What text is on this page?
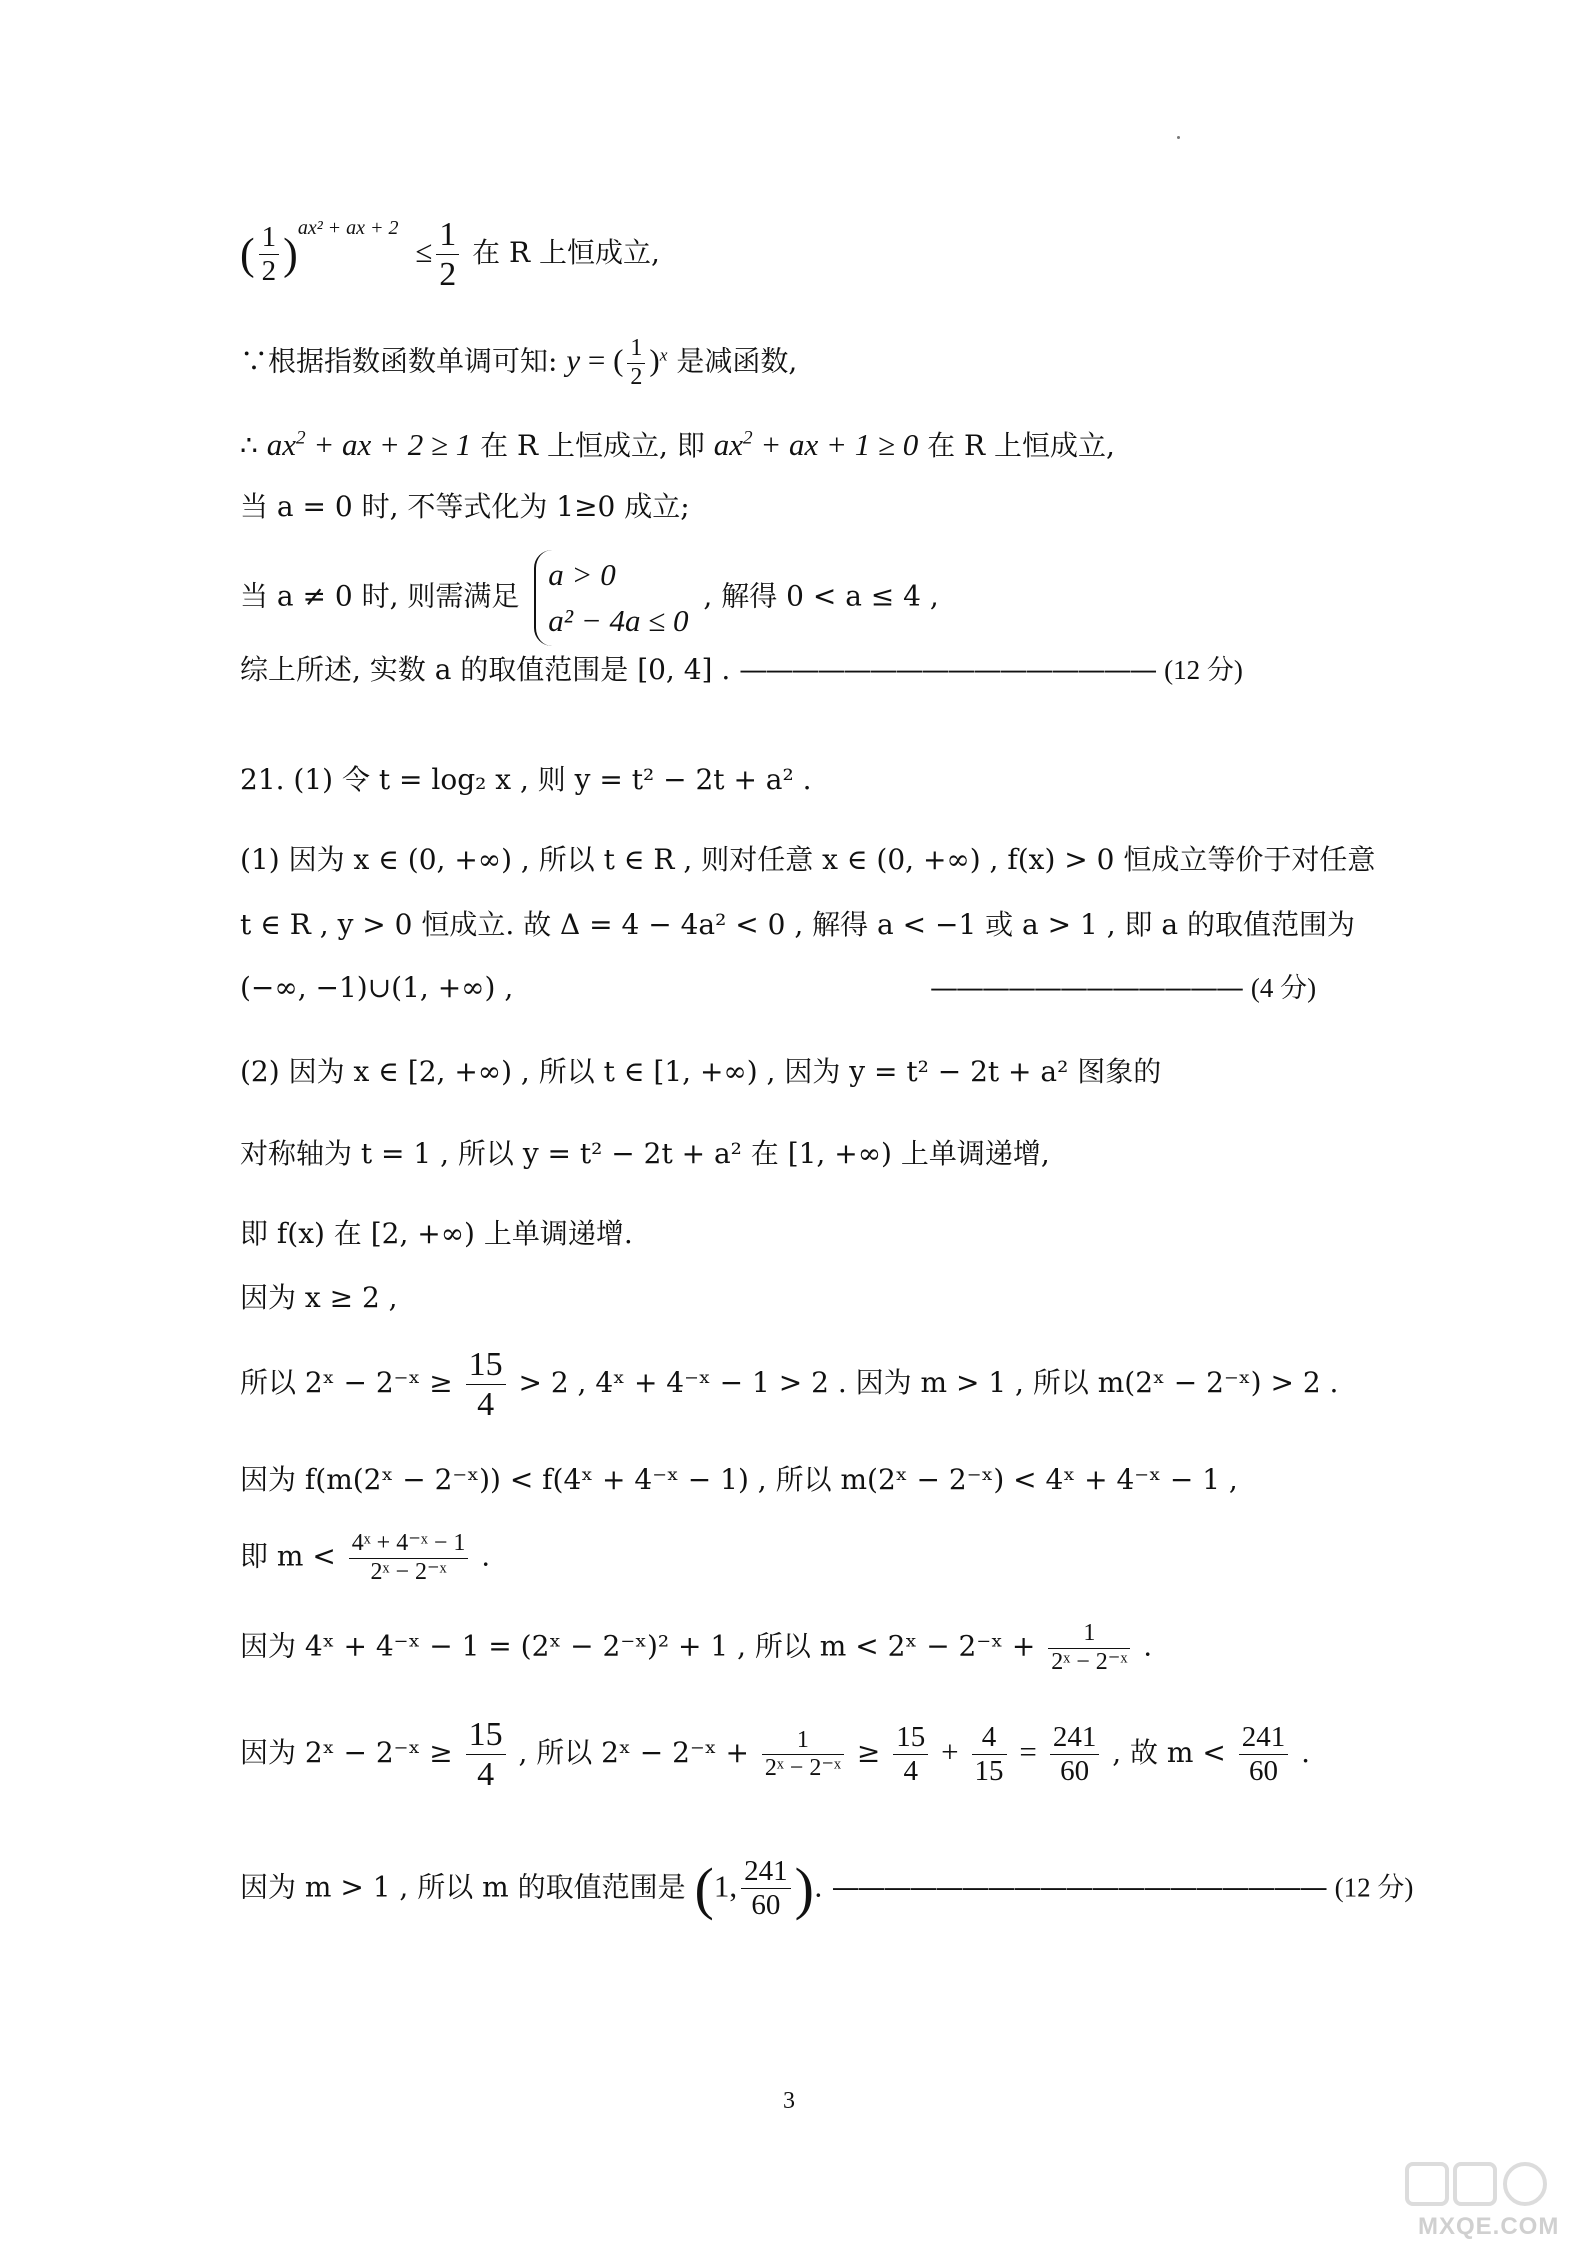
( $\frac{1}{2} )^{ax^2 + ax + 2} \le \frac{1}{2}$ 在 R 上恒成立,
∵根据指数函数单调可知: y = ( $\frac{1}{2} )^x$ 是减函数,
∴ $ax^2$ + ax + 2 ≥ 1 在 R 上恒成立, 即 $ax^2$ + ax + 1 ≥ 0 在 R 上恒成立,
当 a = 0 时, 不等式化为 1≥0 成立;
当 a ≠ 0 时, 则需满足
a > 0
a² − 4a ≤ 0
, 解得 0 < a ≤ 4 ,
综上所述, 实数 a 的取值范围是 [0, 4] . ———————————————— (12 分)
21. (1) 令 t = log₂ x , 则 y = t² − 2t + a² .
(1) 因为 x ∈ (0, +∞) , 所以 t ∈ R , 则对任意 x ∈ (0, +∞) , f(x) > 0 恒成立等价于对任意
t ∈ R , y > 0 恒成立. 故 Δ = 4 − 4a² < 0 , 解得 a < −1 或 a > 1 , 即 a 的取值范围为
(−∞, −1)∪(1, +∞) ,	———————————— (4 分)
(2) 因为 x ∈ [2, +∞) , 所以 t ∈ [1, +∞) , 因为 y = t² − 2t + a² 图象的
对称轴为 t = 1 , 所以 y = t² − 2t + a² 在 [1, +∞) 上单调递增,
即 f(x) 在 [2, +∞) 上单调递增.
因为 x ≥ 2 ,
所以 2ˣ − 2⁻ˣ ≥ $\frac{15}{4} > 2$ , 4ˣ + 4⁻ˣ − 1 > 2 . 因为 m > 1 , 所以 m(2ˣ − 2⁻ˣ) > 2 .
因为 f(m(2ˣ − 2⁻ˣ)) < f(4ˣ + 4⁻ˣ − 1) , 所以 m(2ˣ − 2⁻ˣ) < 4ˣ + 4⁻ˣ − 1 ,
即 $m < \frac{\text{4ˣ + 4⁻ˣ − 1}}{\text{2ˣ − 2⁻ˣ}}$ .
因为 4ˣ + 4⁻ˣ − 1 = (2ˣ − 2⁻ˣ)² + 1 , 所以 m < 2ˣ − 2⁻ˣ + $\frac{1}{\text{2ˣ − 2⁻ˣ}}$ .
因为 2ˣ − 2⁻ˣ ≥ $\frac{15}{4}$ , 所以 2ˣ − 2⁻ˣ + $\frac{1}{\text{2ˣ − 2⁻ˣ}} \ge \frac{15}{4} + \frac{4}{15} = \frac{241}{60}$ , 故 $m < \frac{241}{60}$ .
因为 m > 1 , 所以 m 的取值范围是 (1, $\frac{241}{60}$ ). ——————————————————— (12 分)
3
MXQE.COM
